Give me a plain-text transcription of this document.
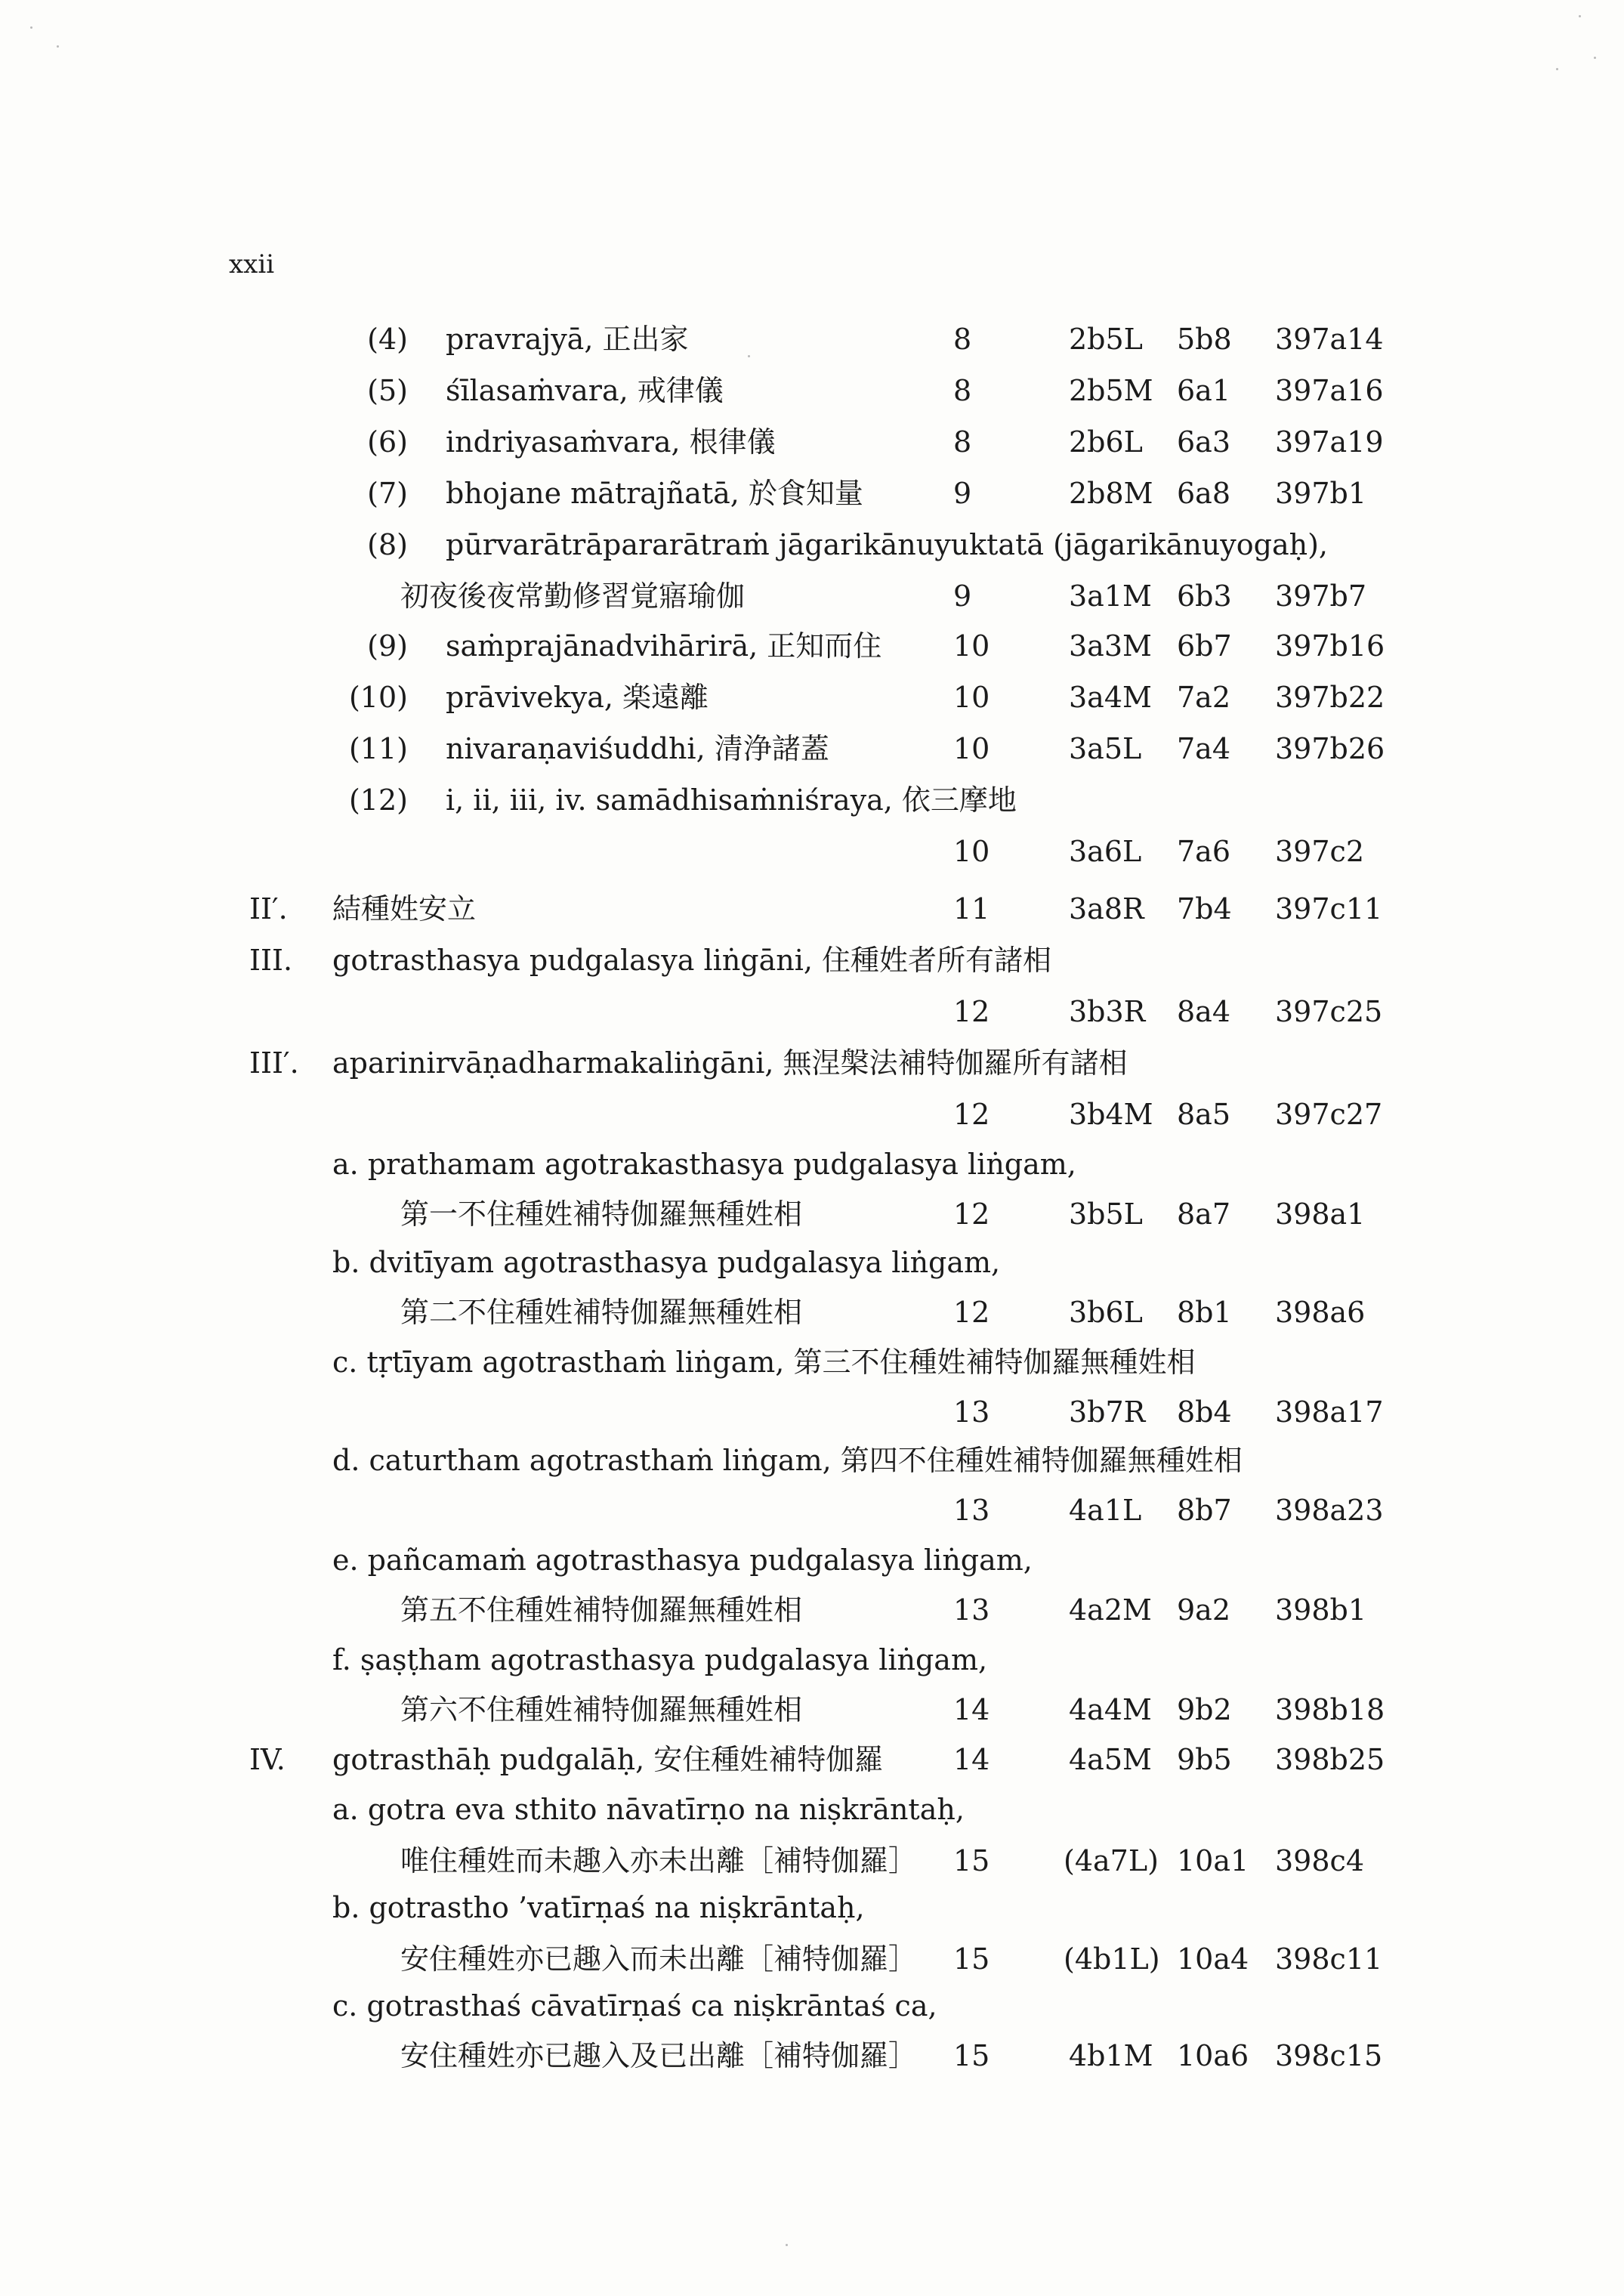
xxii
(4) pravrajyā, 正出家	8	2b5L 5b8 397a14
(5) śīlasaṁvara, 戒律儀	8	2b5M 6a1 397a16
(6) indriyasaṁvara, 根律儀	8	2b6L 6a3 397a19
(7) bhojane mātrajñatā, 於食知量	9	2b8M 6a8 397b1
(8) pūrvarātrāpararātraṁ jāgarikānuyuktatā (jāgarikānuyogaḥ),
初夜後夜常勤修習覚寤瑜伽	9	3a1M 6b3 397b7
(9) saṁprajānadvihārirā, 正知而住 10	3a3M 6b7 397b16
(10) prāvivekya, 楽遠離	10	3a4M 7a2 397b22
(11) nivaraṇaviśuddhi, 清浄諸蓋	10	3a5L 7a4 397b26
(12) i, ii, iii, iv. samādhisaṁniśraya, 依三摩地
10	3a6L 7a6 397c2
II′. 結種姓安立	11	3a8R 7b4 397c11
III. gotrasthasya pudgalasya liṅgāni, 住種姓者所有諸相
12	3b3R 8a4 397c25
III′. aparinirvāṇadharmakaliṅgāni, 無涅槃法補特伽羅所有諸相
12	3b4M 8a5 397c27
a. prathamam agotrakasthasya pudgalasya liṅgam,
第一不住種姓補特伽羅無種姓相	12	3b5L 8a7 398a1
b. dvitīyam agotrasthasya pudgalasya liṅgam,
第二不住種姓補特伽羅無種姓相	12	3b6L 8b1 398a6
c. tṛtīyam agotrasthaṁ liṅgam, 第三不住種姓補特伽羅無種姓相
13	3b7R 8b4 398a17
d. caturtham agotrasthaṁ liṅgam, 第四不住種姓補特伽羅無種姓相
13	4a1L 8b7 398a23
e. pañcamaṁ agotrasthasya pudgalasya liṅgam,
第五不住種姓補特伽羅無種姓相	13	4a2M 9a2 398b1
f. ṣaṣṭham agotrasthasya pudgalasya liṅgam,
第六不住種姓補特伽羅無種姓相	14	4a4M 9b2 398b18
IV. gotrasthāḥ pudgalāḥ, 安住種姓補特伽羅 14	4a5M 9b5 398b25
a. gotra eva sthito nāvatīrṇo na niṣkrāntaḥ,
唯住種姓而未趣入亦未出離［補特伽羅］ 15	(4a7L) 10a1 398c4
b. gotrastho ’vatīrṇaś na niṣkrāntaḥ,
安住種姓亦已趣入而未出離［補特伽羅］ 15	(4b1L) 10a4 398c11
c. gotrasthaś cāvatīrṇaś ca niṣkrāntaś ca,
安住種姓亦已趣入及已出離［補特伽羅］ 15	4b1M 10a6 398c15
